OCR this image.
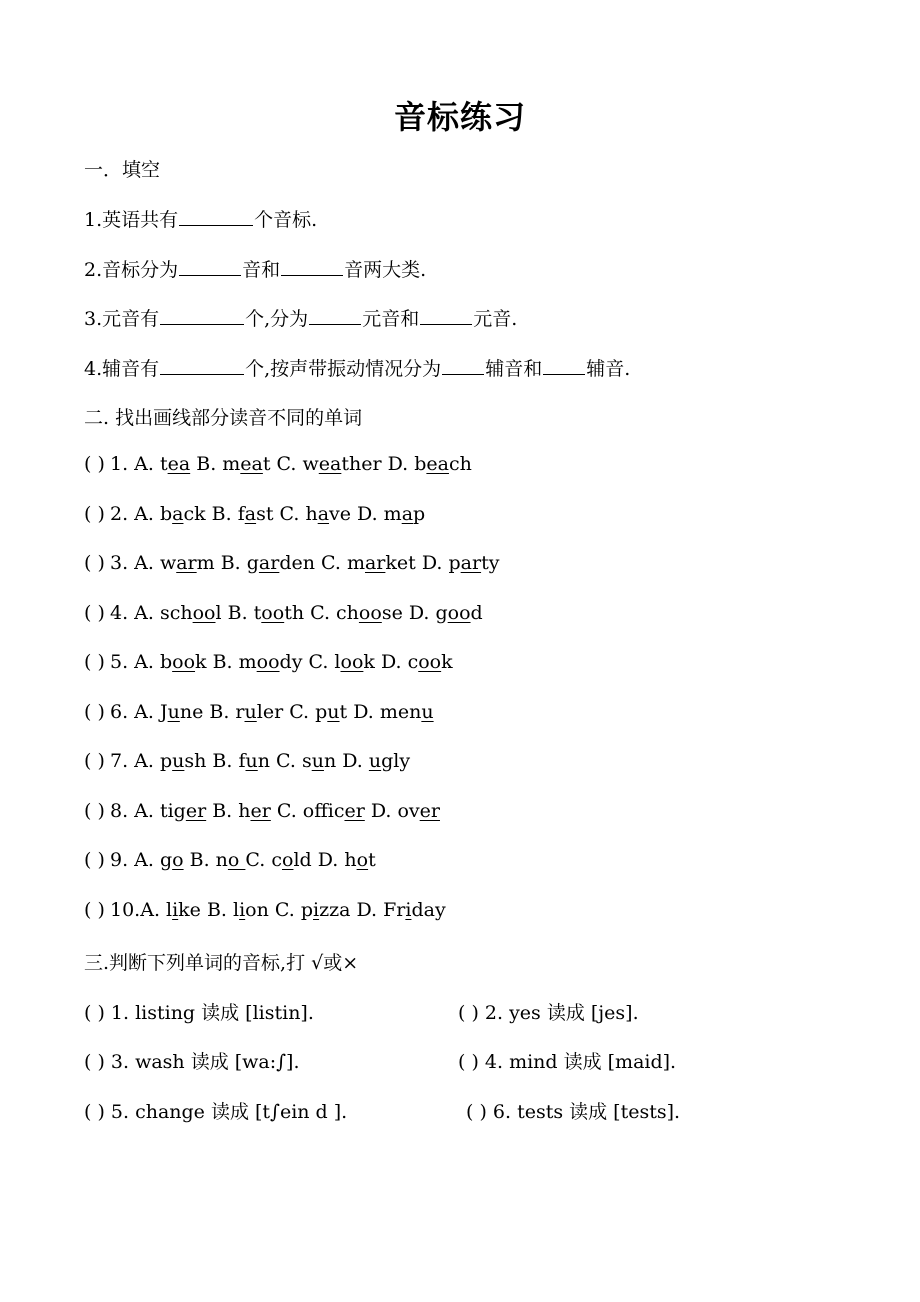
音标练习
一．填空
1.英语共有	个音标.
2.音标分为	音和	音两大类.
3.元音有	个,分为	元音和	元音.
4.辅音有	个,按声带振动情况分为 辅音和 辅音.
二. 找出画线部分读音不同的单词
( ) 1. A. tea B. meat C. weather D. beach
( ) 2. A. back B. fast C. have D. map
( ) 3. A. warm B. garden C. market D. party
( ) 4. A. school B. tooth C. choose D. good
( ) 5. A. book B. moody C. look D. cook
( ) 6. A. June B. ruler C. put D. menu
( ) 7. A. push B. fun C. sun D. ugly
( ) 8. A. tiger B. her C. officer D. over
( ) 9. A. go B. no C. cold D. hot
( ) 10.A. like B. lion C. pizza D. Friday
三.判断下列单词的音标,打 √或×
( ) 1. listing 读成 [listin].	( ) 2. yes 读成 [jes].
( ) 3. wash 读成 [wa:∫].	( ) 4. mind 读成 [maid].
( ) 5. change 读成 [t∫ein d ].	( ) 6. tests 读成 [tests].
